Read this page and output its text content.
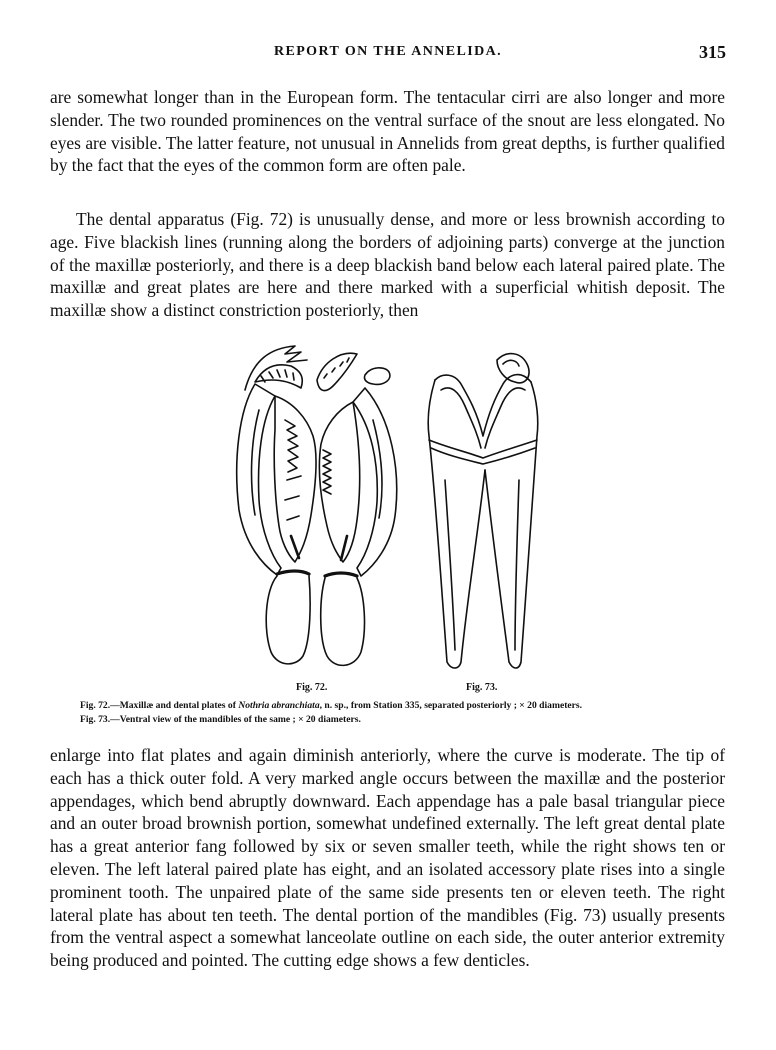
REPORT ON THE ANNELIDA.	315

are somewhat longer than in the European form. The tentacular cirri are also longer and more slender. The two rounded prominences on the ventral surface of the snout are less elongated. No eyes are visible. The latter feature, not unusual in Annelids from great depths, is further qualified by the fact that the eyes of the common form are often pale.

The dental apparatus (Fig. 72) is unusually dense, and more or less brownish according to age. Five blackish lines (running along the borders of adjoining parts) converge at the junction of the maxillæ posteriorly, and there is a deep blackish band below each lateral paired plate. The maxillæ and great plates are here and there marked with a superficial whitish deposit. The maxillæ show a distinct constriction posteriorly, then

Fig. 72.	Fig. 73.
Fig. 72.—Maxillæ and dental plates of Nothria abranchiata, n. sp., from Station 335, separated posteriorly ; × 20 diameters.
Fig. 73.—Ventral view of the mandibles of the same ; × 20 diameters.

enlarge into flat plates and again diminish anteriorly, where the curve is moderate. The tip of each has a thick outer fold. A very marked angle occurs between the maxillæ and the posterior appendages, which bend abruptly downward. Each appendage has a pale basal triangular piece and an outer broad brownish portion, somewhat undefined externally. The left great dental plate has a great anterior fang followed by six or seven smaller teeth, while the right shows ten or eleven. The left lateral paired plate has eight, and an isolated accessory plate rises into a single prominent tooth. The unpaired plate of the same side presents ten or eleven teeth. The right lateral plate has about ten teeth. The dental portion of the mandibles (Fig. 73) usually presents from the ventral aspect a somewhat lanceolate outline on each side, the outer anterior extremity being produced and pointed. The cutting edge shows a few denticles.
